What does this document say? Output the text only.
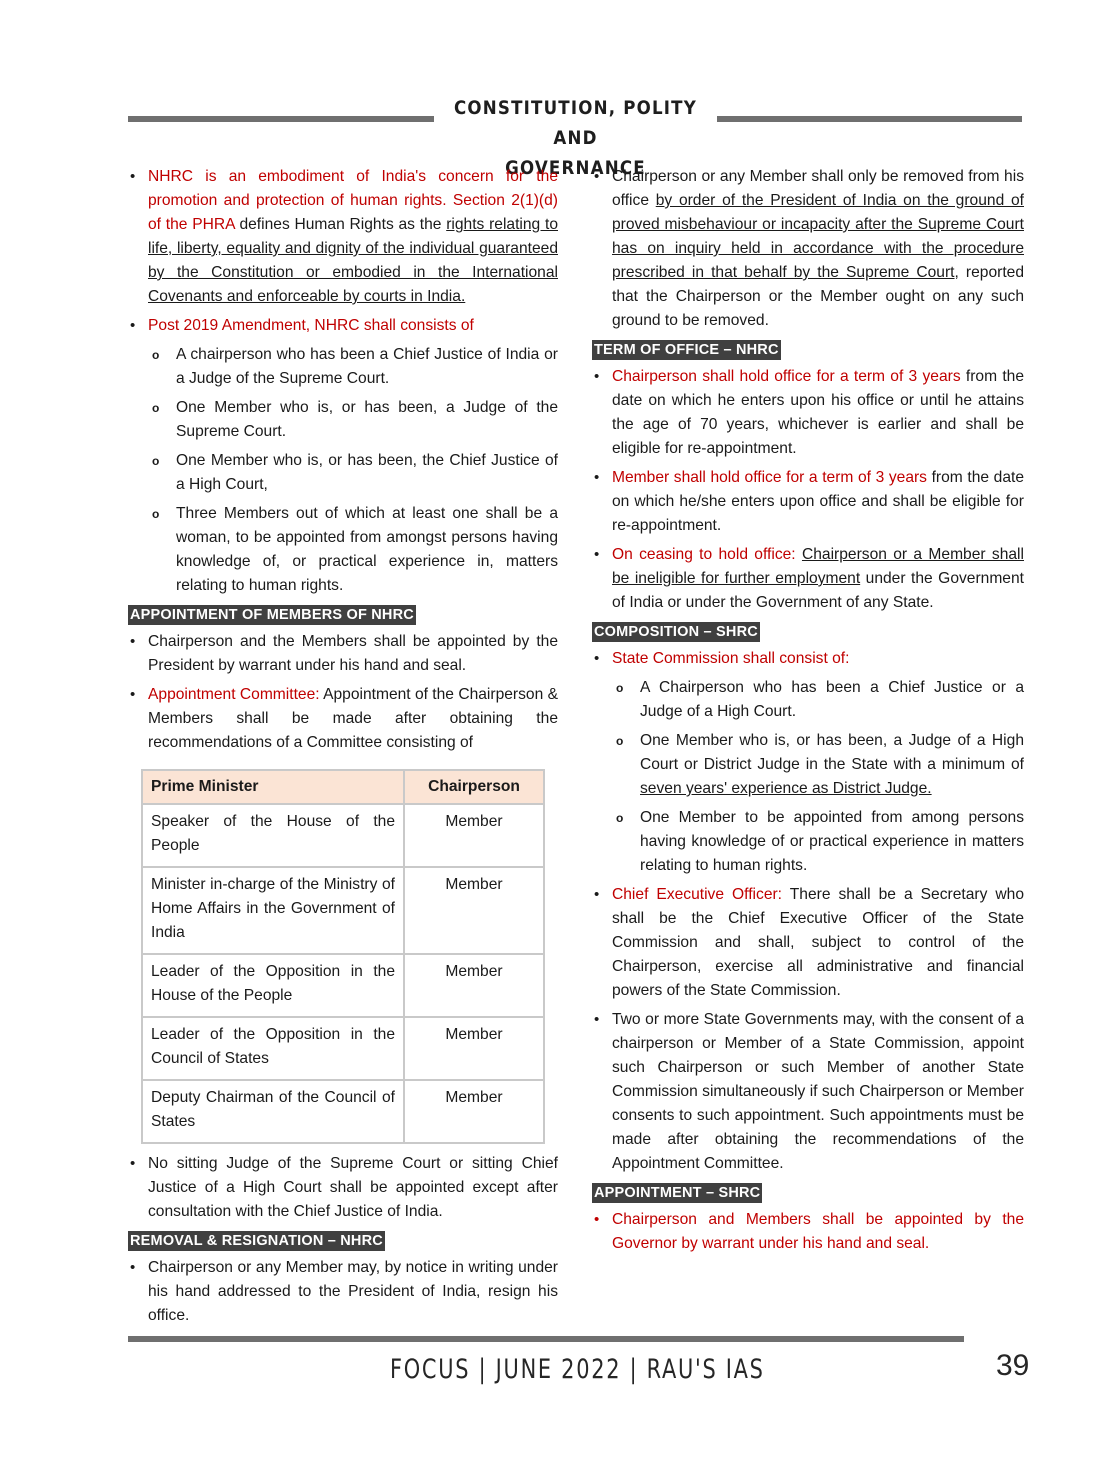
CONSTITUTION, POLITY AND
GOVERNANCE
• NHRC is an embodiment of India's concern for the promotion and protection of human rights. Section 2(1)(d) of the PHRA defines Human Rights as the rights relating to life, liberty, equality and dignity of the individual guaranteed by the Constitution or embodied in the International Covenants and enforceable by courts in India.
• Post 2019 Amendment, NHRC shall consists of
o A chairperson who has been a Chief Justice of India or a Judge of the Supreme Court.
o One Member who is, or has been, a Judge of the Supreme Court.
o One Member who is, or has been, the Chief Justice of a High Court,
o Three Members out of which at least one shall be a woman, to be appointed from amongst persons having knowledge of, or practical experience in, matters relating to human rights.
APPOINTMENT OF MEMBERS OF NHRC
• Chairperson and the Members shall be appointed by the President by warrant under his hand and seal.
• Appointment Committee: Appointment of the Chairperson & Members shall be made after obtaining the recommendations of a Committee consisting of
Prime Minister	Chairperson
Speaker of the House of the People	Member
Minister in-charge of the Ministry of Home Affairs in the Government of India	Member
Leader of the Opposition in the House of the People	Member
Leader of the Opposition in the Council of States	Member
Deputy Chairman of the Council of States	Member
• No sitting Judge of the Supreme Court or sitting Chief Justice of a High Court shall be appointed except after consultation with the Chief Justice of India.
REMOVAL & RESIGNATION – NHRC
• Chairperson or any Member may, by notice in writing under his hand addressed to the President of India, resign his office.
• Chairperson or any Member shall only be removed from his office by order of the President of India on the ground of proved misbehaviour or incapacity after the Supreme Court has on inquiry held in accordance with the procedure prescribed in that behalf by the Supreme Court, reported that the Chairperson or the Member ought on any such ground to be removed.
TERM OF OFFICE – NHRC
• Chairperson shall hold office for a term of 3 years from the date on which he enters upon his office or until he attains the age of 70 years, whichever is earlier and shall be eligible for re-appointment.
• Member shall hold office for a term of 3 years from the date on which he/she enters upon office and shall be eligible for re-appointment.
• On ceasing to hold office: Chairperson or a Member shall be ineligible for further employment under the Government of India or under the Government of any State.
COMPOSITION – SHRC
• State Commission shall consist of:
o A Chairperson who has been a Chief Justice or a Judge of a High Court.
o One Member who is, or has been, a Judge of a High Court or District Judge in the State with a minimum of seven years' experience as District Judge.
o One Member to be appointed from among persons having knowledge of or practical experience in matters relating to human rights.
• Chief Executive Officer: There shall be a Secretary who shall be the Chief Executive Officer of the State Commission and shall, subject to control of the Chairperson, exercise all administrative and financial powers of the State Commission.
• Two or more State Governments may, with the consent of a chairperson or Member of a State Commission, appoint such Chairperson or such Member of another State Commission simultaneously if such Chairperson or Member consents to such appointment. Such appointments must be made after obtaining the recommendations of the Appointment Committee.
APPOINTMENT – SHRC
• Chairperson and Members shall be appointed by the Governor by warrant under his hand and seal.
FOCUS | JUNE 2022 | RAU'S IAS	39
